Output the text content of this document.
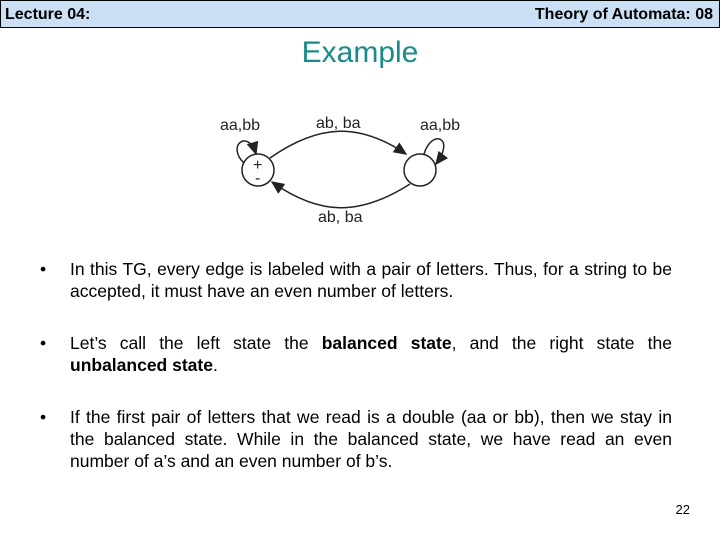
Lecture 04:	Theory of Automata: 08
Example
+
-
aa,bb	aa,bb
ab, ba
ab, ba
• In this TG, every edge is labeled with a pair of letters. Thus, for a string to be accepted, it must have an even number of letters.
• Let’s call the left state the balanced state, and the right state the unbalanced state.
• If the first pair of letters that we read is a double (aa or bb), then we stay in the balanced state. While in the balanced state, we have read an even number of a’s and an even number of b’s.
22
